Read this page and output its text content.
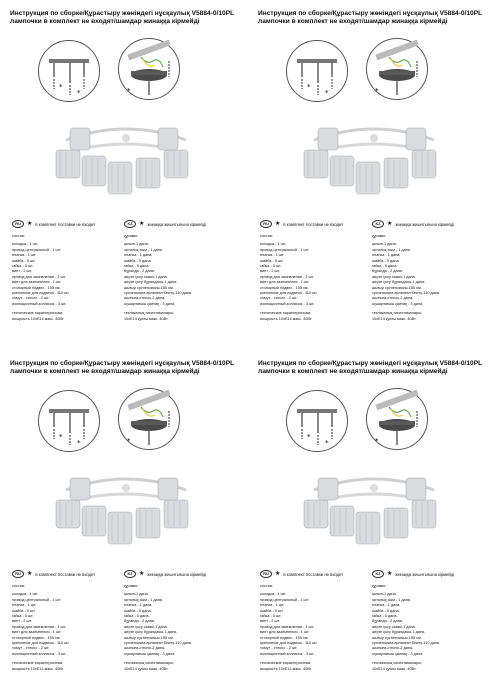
Инструкция по сборке/Құрастыру жөніндегі нұсқаулық V5884-0/10PL
лампочки в комплект не входят/шамдар жинаққа кірмейді
*
*	*
RU	★ в комплект поставки не входит	KZ	★ жинаққа жиынтығына кірмейді
состав:
колодка - 1 шт.
провод центральный - 1 шт.
планка - 1 шт.
шайба - 5 шт.
гайка - 5 шт.
винт - 2 шт.
провод для заземления - 1 шт.
винт для заземления - 1 шт.
стопорный подвес - 155 см.
крепление для подвеса - 110 шт.
хомут - стекло - 2 шт.
изоляционный колпачок - 3 шт.
технические характеристики:
мощность 10xЕ14 макс. 40Вт
құрамы:
қалып-1 дана.
орталық сым - 1 дана.
планка - 1 дана.
шайба - 5 дана.
гайка - 5 дана.
бұранда - 2 дана.
жерге қосу сымы-1 дана.
жерге қосу бұрандасы-1 дана.
шығыр суспензиясы-155 см.
суспензияға арналған бекіту-110 дана.
шыныға-стекло-2 дана.
оқшаулағыш қалпақ - 3 дана.
техникалық сипаттамалары:
10xЕ14 қуаты макс. 40Вт
Инструкция по сборке/Құрастыру жөніндегі нұсқаулық V5884-0/10PL
лампочки в комплект не входят/шамдар жинаққа кірмейді
*
*	*
RU	★ в комплект поставки не входит	KZ	★ жинаққа жиынтығына кірмейді
состав:
колодка - 1 шт.
провод центральный - 1 шт.
планка - 1 шт.
шайба - 5 шт.
гайка - 5 шт.
винт - 2 шт.
провод для заземления - 1 шт.
винт для заземления - 1 шт.
стопорный подвес - 155 см.
крепление для подвеса - 110 шт.
хомут - стекло - 2 шт.
изоляционный колпачок - 3 шт.
технические характеристики:
мощность 10xЕ14 макс. 40Вт
құрамы:
қалып-1 дана.
орталық сым - 1 дана.
планка - 1 дана.
шайба - 5 дана.
гайка - 5 дана.
бұранда - 2 дана.
жерге қосу сымы-1 дана.
жерге қосу бұрандасы-1 дана.
шығыр суспензиясы-155 см.
суспензияға арналған бекіту-110 дана.
шыныға-стекло-2 дана.
оқшаулағыш қалпақ - 3 дана.
техникалық сипаттамалары:
10xЕ14 қуаты макс. 40Вт
Инструкция по сборке/Құрастыру жөніндегі нұсқаулық V5884-0/10PL
лампочки в комплект не входят/шамдар жинаққа кірмейді
*
*	*
RU	★ в комплект поставки не входит	KZ	★ жинаққа жиынтығына кірмейді
состав:
колодка - 1 шт.
провод центральный - 1 шт.
планка - 1 шт.
шайба - 5 шт.
гайка - 5 шт.
винт - 2 шт.
провод для заземления - 1 шт.
винт для заземления - 1 шт.
стопорный подвес - 155 см.
крепление для подвеса - 110 шт.
хомут - стекло - 2 шт.
изоляционный колпачок - 3 шт.
технические характеристики:
мощность 10xЕ14 макс. 40Вт
құрамы:
қалып-1 дана.
орталық сым - 1 дана.
планка - 1 дана.
шайба - 5 дана.
гайка - 5 дана.
бұранда - 2 дана.
жерге қосу сымы-1 дана.
жерге қосу бұрандасы-1 дана.
шығыр суспензиясы-155 см.
суспензияға арналған бекіту-110 дана.
шыныға-стекло-2 дана.
оқшаулағыш қалпақ - 3 дана.
техникалық сипаттамалары:
10xЕ14 қуаты макс. 40Вт
Инструкция по сборке/Құрастыру жөніндегі нұсқаулық V5884-0/10PL
лампочки в комплект не входят/шамдар жинаққа кірмейді
*
*	*
RU	★ в комплект поставки не входит	KZ	★ жинаққа жиынтығына кірмейді
состав:
колодка - 1 шт.
провод центральный - 1 шт.
планка - 1 шт.
шайба - 5 шт.
гайка - 5 шт.
винт - 2 шт.
провод для заземления - 1 шт.
винт для заземления - 1 шт.
стопорный подвес - 155 см.
крепление для подвеса - 110 шт.
хомут - стекло - 2 шт.
изоляционный колпачок - 3 шт.
технические характеристики:
мощность 10xЕ14 макс. 40Вт
құрамы:
қалып-1 дана.
орталық сым - 1 дана.
планка - 1 дана.
шайба - 5 дана.
гайка - 5 дана.
бұранда - 2 дана.
жерге қосу сымы-1 дана.
жерге қосу бұрандасы-1 дана.
шығыр суспензиясы-155 см.
суспензияға арналған бекіту-110 дана.
шыныға-стекло-2 дана.
оқшаулағыш қалпақ - 3 дана.
техникалық сипаттамалары:
10xЕ14 қуаты макс. 40Вт
